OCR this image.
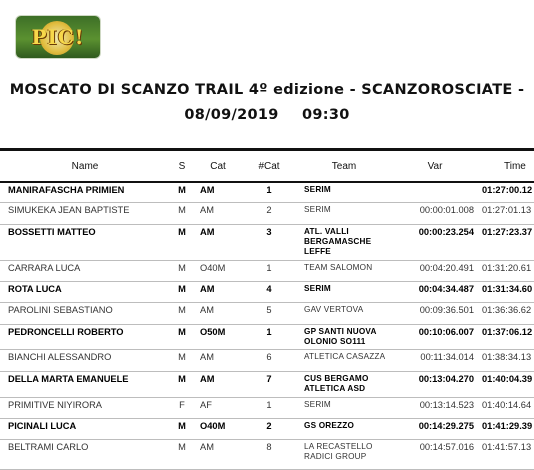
PIC!
MOSCATO DI SCANZO TRAIL 4º edizione - SCANZOROSCIATE -
08/09/2019 09:30
Name	S	Cat	#Cat	Team	Var	Time
MANIRAFASCHA PRIMIEN	M	AM	1	SERIM		01:27:00.12
SIMUKEKA JEAN BAPTISTE	M	AM	2	SERIM	00:00:01.008	01:27:01.13
BOSSETTI MATTEO	M	AM	3	ATL. VALLI
BERGAMASCHE
LEFFE	00:00:23.254	01:27:23.37
CARRARA LUCA	M	O40M	1	TEAM SALOMON	00:04:20.491	01:31:20.61
ROTA LUCA	M	AM	4	SERIM	00:04:34.487	01:31:34.60
PAROLINI SEBASTIANO	M	AM	5	GAV VERTOVA	00:09:36.501	01:36:36.62
PEDRONCELLI ROBERTO	M	O50M	1	GP SANTI NUOVA
OLONIO SO111	00:10:06.007	01:37:06.12
BIANCHI ALESSANDRO	M	AM	6	ATLETICA CASAZZA	00:11:34.014	01:38:34.13
DELLA MARTA EMANUELE	M	AM	7	CUS BERGAMO
ATLETICA ASD	00:13:04.270	01:40:04.39
PRIMITIVE NIYIRORA	F	AF	1	SERIM	00:13:14.523	01:40:14.64
PICINALI LUCA	M	O40M	2	GS OREZZO	00:14:29.275	01:41:29.39
BELTRAMI CARLO	M	AM	8	LA RECASTELLO
RADICI GROUP	00:14:57.016	01:41:57.13
